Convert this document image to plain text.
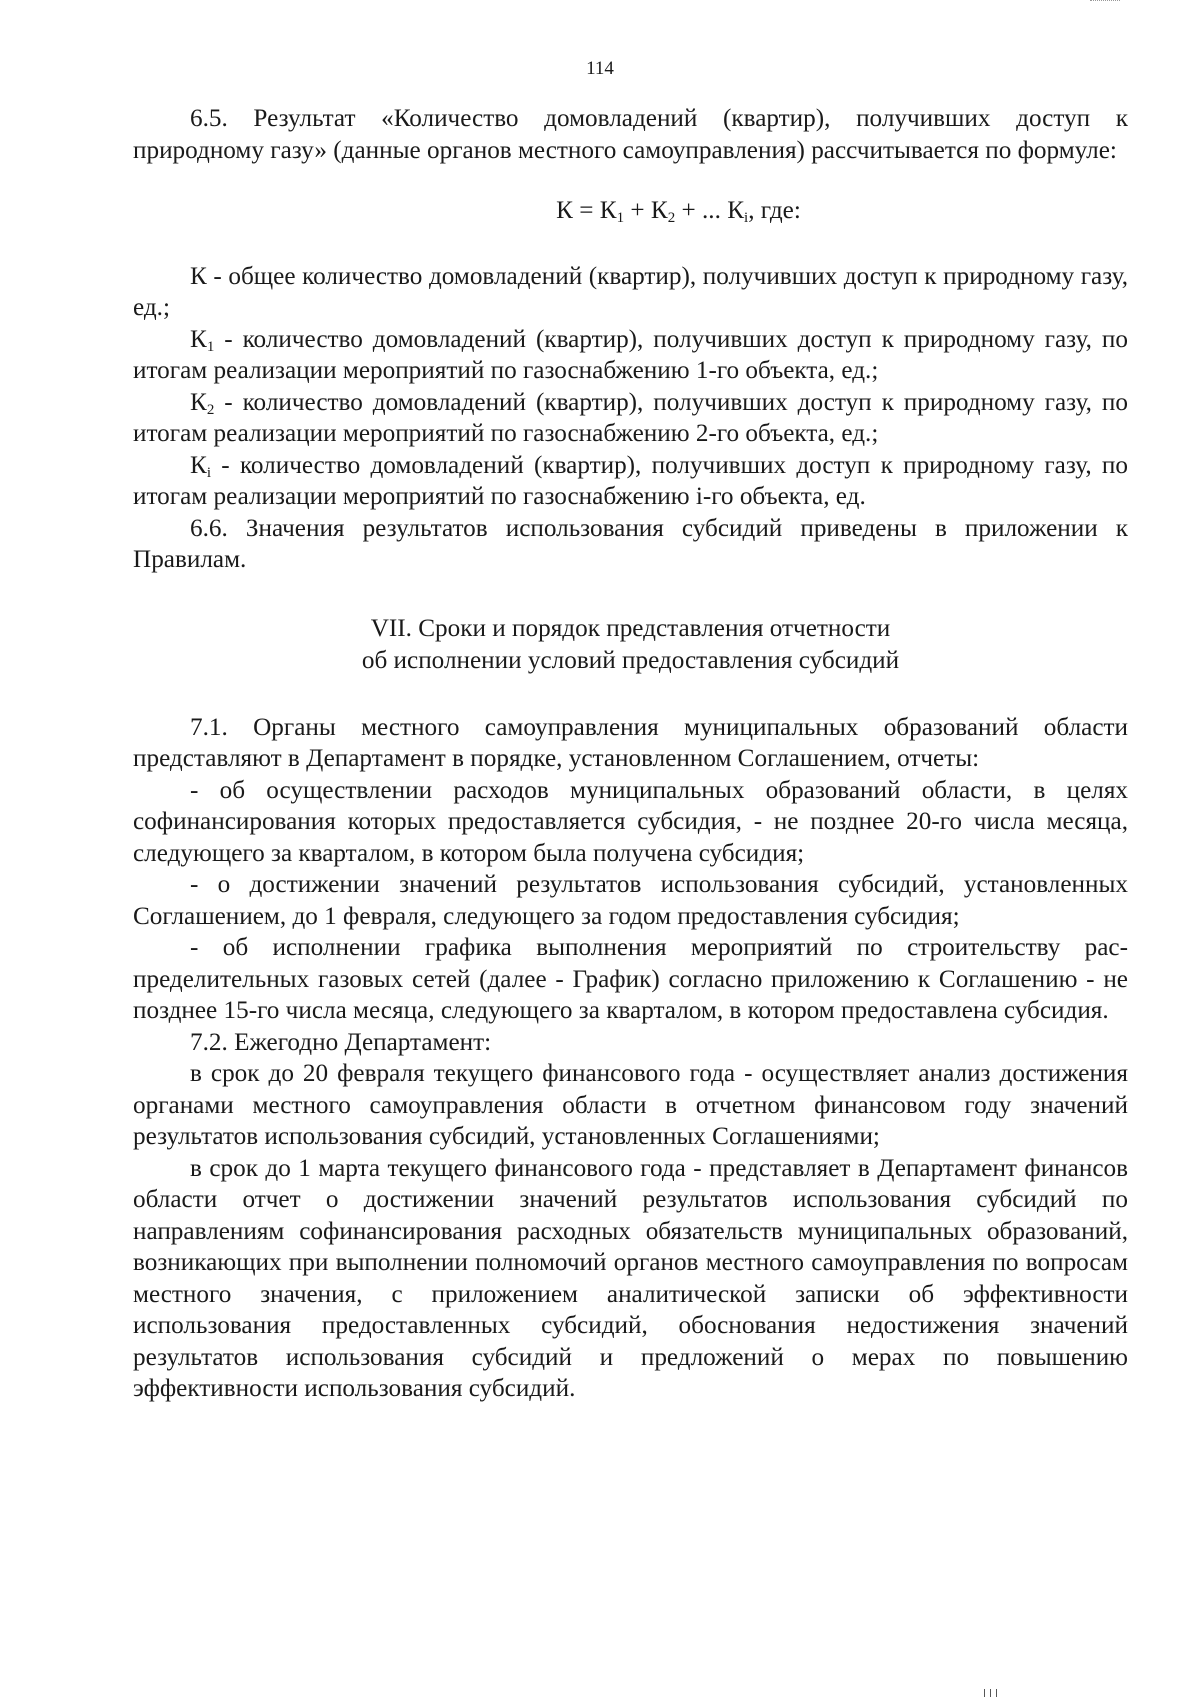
114

6.5. Результат «Количество домовладений (квартир), получивших доступ к природному газу» (данные органов местного самоуправления) рассчитывается по формуле:

$К = К_1 + К_2$ + ... $К_i$, где:

К - общее количество домовладений (квартир), получивших доступ к природному газу, ед.;

$К_1$ - количество домовладений (квартир), получивших доступ к природному газу, по итогам реализации мероприятий по газоснабжению 1-го объекта, ед.;

$К_2$ - количество домовладений (квартир), получивших доступ к природному газу, по итогам реализации мероприятий по газоснабжению 2-го объекта, ед.;

$К_i$ - количество домовладений (квартир), получивших доступ к природному газу, по итогам реализации мероприятий по газоснабжению i-го объекта, ед.

6.6. Значения результатов использования субсидий приведены в приложении к Правилам.

VII. Сроки и порядок представления отчетности
об исполнении условий предоставления субсидий

7.1. Органы местного самоуправления муниципальных образований области представляют в Департамент в порядке, установленном Соглашением, отчеты:

- об осуществлении расходов муниципальных образований области, в целях софинансирования которых предоставляется субсидия, - не позднее 20-го числа месяца, следующего за кварталом, в котором была получена субсидия;

- о достижении значений результатов использования субсидий, установленных Соглашением, до 1 февраля, следующего за годом предоставления субсидия;

- об исполнении графика выполнения мероприятий по строительству распределительных газовых сетей (далее - График) согласно приложению к Соглашению - не позднее 15-го числа месяца, следующего за кварталом, в котором предоставлена субсидия.

7.2. Ежегодно Департамент:

в срок до 20 февраля текущего финансового года - осуществляет анализ достижения органами местного самоуправления области в отчетном финансовом году значений результатов использования субсидий, установленных Соглашениями;

в срок до 1 марта текущего финансового года - представляет в Департамент финансов области отчет о достижении значений результатов использования субсидий по направлениям софинансирования расходных обязательств муниципальных образований, возникающих при выполнении полномочий органов местного самоуправления по вопросам местного значения, с приложением аналитической записки об эффективности использования предоставленных субсидий, обоснования недостижения значений результатов использования субсидий и предложений о мерах по повышению эффективности использования субсидий.
